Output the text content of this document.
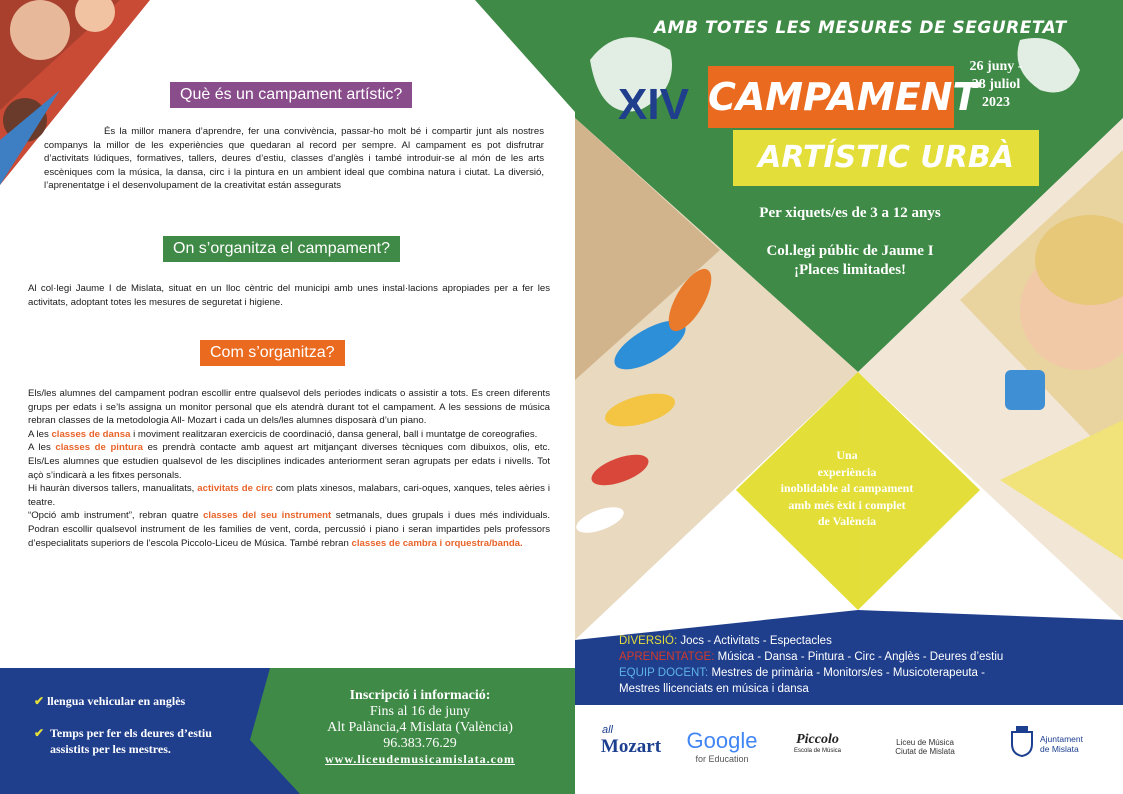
Què és un campament artístic?

És la millor manera d’aprendre, fer una convivència, passar-ho molt bé i compartir junt als nostres companys la millor de les experiències que quedaran al record per sempre. Al campament es pot disfrutrar d’activitats lúdiques, formatives, tallers, deures d’estiu, classes d’anglès i també introduir-se al món de les arts escèniques com la música, la dansa, circ i la pintura en un ambient ideal que combina natura i ciutat. La diversió, l’aprenentatge i el desenvolupament de la creativitat están assegurats

On s’organitza el campament?

Al col·legi Jaume I de Mislata, situat en un lloc cèntric del municipi amb unes instal·lacions apropiades per a fer les activitats, adoptant totes les mesures de seguretat i higiene.

Com s’organitza?

Els/les alumnes del campament podran escollir entre qualsevol dels periodes indicats o assistir a tots. Es creen diferents grups per edats i se’ls assigna un monitor personal que els atendrà durant tot el campament. A les sessions de música rebran classes de la metodologia All- Mozart i cada un dels/les alumnes disposarà d’un piano.

A les classes de dansa i moviment realitzaran exercicis de coordinació, dansa general, ball i muntatge de coreografies.

A les classes de pintura es prendrà contacte amb aquest art mitjançant diverses tècniques com dibuixos, olis, etc. Els/Les alumnes que estudien qualsevol de les disciplines indicades anteriorment seran agrupats per edats i nivells. Tot açò s’indicarà a les fitxes personals.

Hi hauràn diversos tallers, manualitats, activitats de circ com plats xinesos, malabars, cari-oques, xanques, teles aèries i teatre.

“Opció amb instrument”, rebran quatre classes del seu instrument setmanals, dues grupals i dues més individuals. Podran escollir qualsevol instrument de les families de vent, corda, percussió i piano i seran impartides pels professors d’especialitats superiors de l’escola Piccolo-Liceu de Música. També rebran classes de cambra i orquestra/banda.

✔ llengua vehicular en anglès
✔ Temps per fer els deures d’estiu assistits per les mestres.
Inscripció i informació:
Fins al 16 de juny
Alt Palància,4 Mislata (València)
96.383.76.29
www.liceudemusicamislata.com
AMB TOTES LES MESURES DE SEGURETAT
XIV CAMPAMENT
26 juny -
28 juliol
2023
ARTÍSTIC URBÀ
Per xiquets/es de 3 a 12 anys
Col.legi públic de Jaume I
¡Places limitades!
Una
experiència
inoblidable al campament
amb més èxit i complet
de València
DIVERSIÓ: Jocs - Activitats - Espectacles
APRENENTATGE: Música - Dansa - Pintura - Circ - Anglès - Deures d’estiu
EQUIP DOCENT: Mestres de primària - Monitors/es - Musicoterapeuta -
Mestres llicenciats en música i dansa
all
Mozart	Google
for Education
Piccolo
Escola de Música
Liceu de Música
Ciutat de Mislata
Ajuntament
de Mislata
